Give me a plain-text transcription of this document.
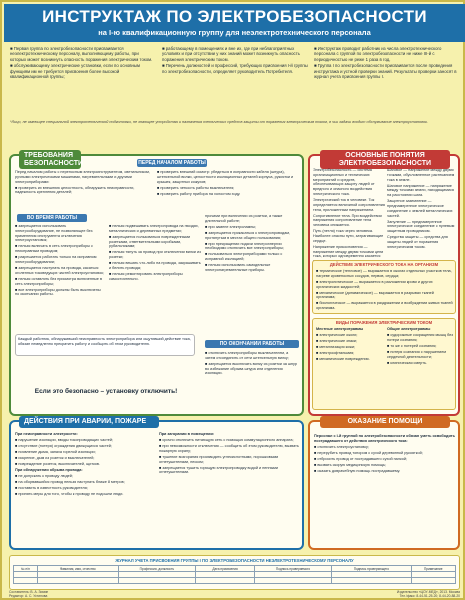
ИНСТРУКТАЖ ПО ЭЛЕКТРОБЕЗОПАСНОСТИ
на I-ю квалификационную группу для неэлектротехнического персонала

■ Первая группа по электробезопасности присваивается неэлектротехническому персоналу, выполняющему работы, при которых может возникнуть опасность поражения электрическим током.

■ обслуживающему электрические установки, если по основным функциям им не требуется присвоения более высокой квалификационной группы;

■ работающему в помещениях и вне их, где при неблагоприятных условиях и при отсутствии у них знаний может возникнуть опасность поражения электрическим током.

■ Перечень должностей и профессий, требующих присвоения I-й группы по электробезопасности, определяет руководитель Потребителя.

■ Инструктаж проводит работник из числа электротехнического персонала с группой по электробезопасности не ниже III-й с периодичностью не реже 1 раза в год.

■ Группа I по электробезопасности присваивается после проведения инструктажа и устной проверки знаний. Результаты проверки заносят в журнал учета присвоения группы I.

*Лицо, не имеющее специальной электротехнической подготовки, не знающее устройства и назначения технических средств защиты от поражения электрическим током, в чьи задачи входит обслуживание электроустановок.
ТРЕБОВАНИЯ БЕЗОПАСНОСТИ	ПЕРЕД НАЧАЛОМ РАБОТЫ
Перед началом работы с переносным электроинструментом, светильником, ручными электрическими машинами, нагревательными и другими электроприборами:
■ проверить их внешнюю целостность, обнаружить неисправности, надежность крепления деталей;
■ проверить внешний осмотр: убедиться в исправности кабеля (шнура), штепсельной вилки, целостности изоляционных деталей корпуса, рукоятки и крышек, защитных кожухов;
■ проверить четкость работы выключателя;
■ проверить работу прибора на холостом ходу.
ВО ВРЕМЯ РАБОТЫ
■ запрещается использовать электрооборудование, не позволяющее без применения инструмента отключения электроустановок;
■ нельзя включать в сеть электроприборы с неисправным проводом;
■ разрешается работать только на исправном электрооборудовании;
■ запрещается наступать на провода, касаться оголенных токоведущих частей электроустановок;
■ нельзя оставлять без присмотра включенные в сеть электроприборы;
■ все электроприборы должны быть выключены по окончании работы.
■ нельзя подвешивать электропровода на гвоздях, металлических и деревянных предметах;
■ запрещается пользоваться поврежденными розетками, ответвительными коробками, рубильниками;
■ нельзя тянуть за провод при отключении вилки из розетки;
■ нельзя вешать что-либо на провода, закрашивать и белить провода;
■ нельзя ремонтировать электроприборы самостоятельно.
прочими при включении из розетки, а также длительной работе;
■ при замене электролампы;
■ запрещается прикасаться к электропроводам, протянутым в местах общего пользования;
■ при прекращении подачи электроэнергии необходимо отключить все электроприборы;
■ пользоваться электроприборами только с исправной изоляцией;
■ нельзя использовать самодельные электронагревательные приборы.
Каждый работник, обнаруживший неисправность электроприбора или ощутивший действие тока, обязан немедленно прекратить работу и сообщить об этом руководителю.
Если это безопасно – установку отключить!
ПО ОКОНЧАНИИ РАБОТЫ
■ отключить электроприборы выключателем, а затем отсоединить от сети штепсельную вилку;
■ запрещается выключать вилку из розетки за шнур во избежание обрыва шнура или отделения изоляции.
ОСНОВНЫЕ ПОНЯТИЯ ЭЛЕКТРОБЕЗОПАСНОСТИ
Электробезопасность — система организационных и технических мероприятий и средств, обеспечивающих защиту людей от вредного и опасного воздействия электрического тока.
Электрический ток в человеке. Ток определяется величиной сопротивления тела, приложенным напряжением.
Сопротивление тела. При воздействии напряжения сопротивление тела человека снижается.
Путь (петля) тока через человека. Наиболее опасны пути, затрагивающие сердце.
Напряжение прикосновения — напряжение между двумя точками цепи тока, которых одновременно касается
Шаговое — напряжение между двумя точками, обусловленное растеканием тока в земле.
Шаговое напряжение — напряжение между точками земли, находящимися на расстоянии шага.
Защитное заземление — преднамеренное электрическое соединение с землей металлических частей.
Зануление — преднамеренное электрическое соединение с нулевым защитным проводником.
Средства защиты — средства для защиты людей от поражения электрическим током.
ДЕЙСТВИЕ ЭЛЕКТРИЧЕСКОГО ТОКА НА ОРГАНИЗМ
■ термическое (тепловое) — выражается в ожогах отдельных участков тела, нагреве кровеносных сосудов, нервов, сердца;
■ электролитическое — выражается в разложении крови и других органических жидкостей;
■ механическое (динамическое) — выражается в разрывах тканей организма;
■ биологическое — выражается в раздражении и возбуждении живых тканей организма.
ВИДЫ ПОРАЖЕНИЯ ЭЛЕКТРИЧЕСКИМ ТОКОМ
Местные электротравмы
■ электрические ожоги;
■ электрические знаки;
■ металлизация кожи;
■ электроофтальмия;
■ механические повреждения.
Общие электротравмы
■ судорожные сокращения мышц без потери сознания;
■ то же с потерей сознания;
■ потеря сознания с нарушением сердечной деятельности;
■ клиническая смерть.
ДЕЙСТВИЯ ПРИ АВАРИИ, ПОЖАРЕ
При неисправности электросети:
■ нарушение изоляции, вводы токопроводящих частей;
■ отсутствие (потеря) ограждения движущихся частей;
■ появление дыма, запаха горелой изоляции;
■ искрение, дым из розеток и выключателей;
■ повреждение розеток, выключателей, щитков.
При обнаружении обрыва провода:
■ не допускать к проводу людей;
■ на оборвавшийся провод нельзя наступать ближе 8 метров;
■ поставить в известность руководителя;
■ принять меры для того, чтобы к проводу не подошли люди.
При загорании в помещении:
■ срочно отключить питающую сеть с помощью коммутационного аппарата;
■ при невозможности отключения — сообщить об этом руководителю, вызвать пожарную охрану;
■ тушение возгорания производить углекислотными, порошковыми огнетушителями, песком;
■ запрещается тушить горящую электропроводку водой и пенными огнетушителями.
ОКАЗАНИЕ ПОМОЩИ
Персонал с I-й группой по электробезопасности обязан уметь освободить пострадавшего от действия электрического тока:
■ отключить электроустановку;
■ перерубить провод топором с сухой деревянной рукояткой;
■ отбросить провод от пострадавшего сухой палкой;
■ вызвать скорую медицинскую помощь;
■ оказать доврачебную помощь пострадавшему.
ЖУРНАЛ УЧЕТА ПРИСВОЕНИЯ ГРУППЫ I ПО ЭЛЕКТРОБЕЗОПАСНОСТИ НЕЭЛЕКТРОТЕХНИЧЕСКОМУ ПЕРСОНАЛУ
№ п/п	Фамилия, имя, отчество	Профессия, должность	Дата присвоения	Подпись проверяемого	Подпись проверяющего	Примечание

Составитель: В. А. Зимин
Редактор: А. С. Устинова
Издательство «ЦОУ-МЕД», 2013. Москва
Тел./факс: 8-44-51-25-20; 8-44-20-88-20
